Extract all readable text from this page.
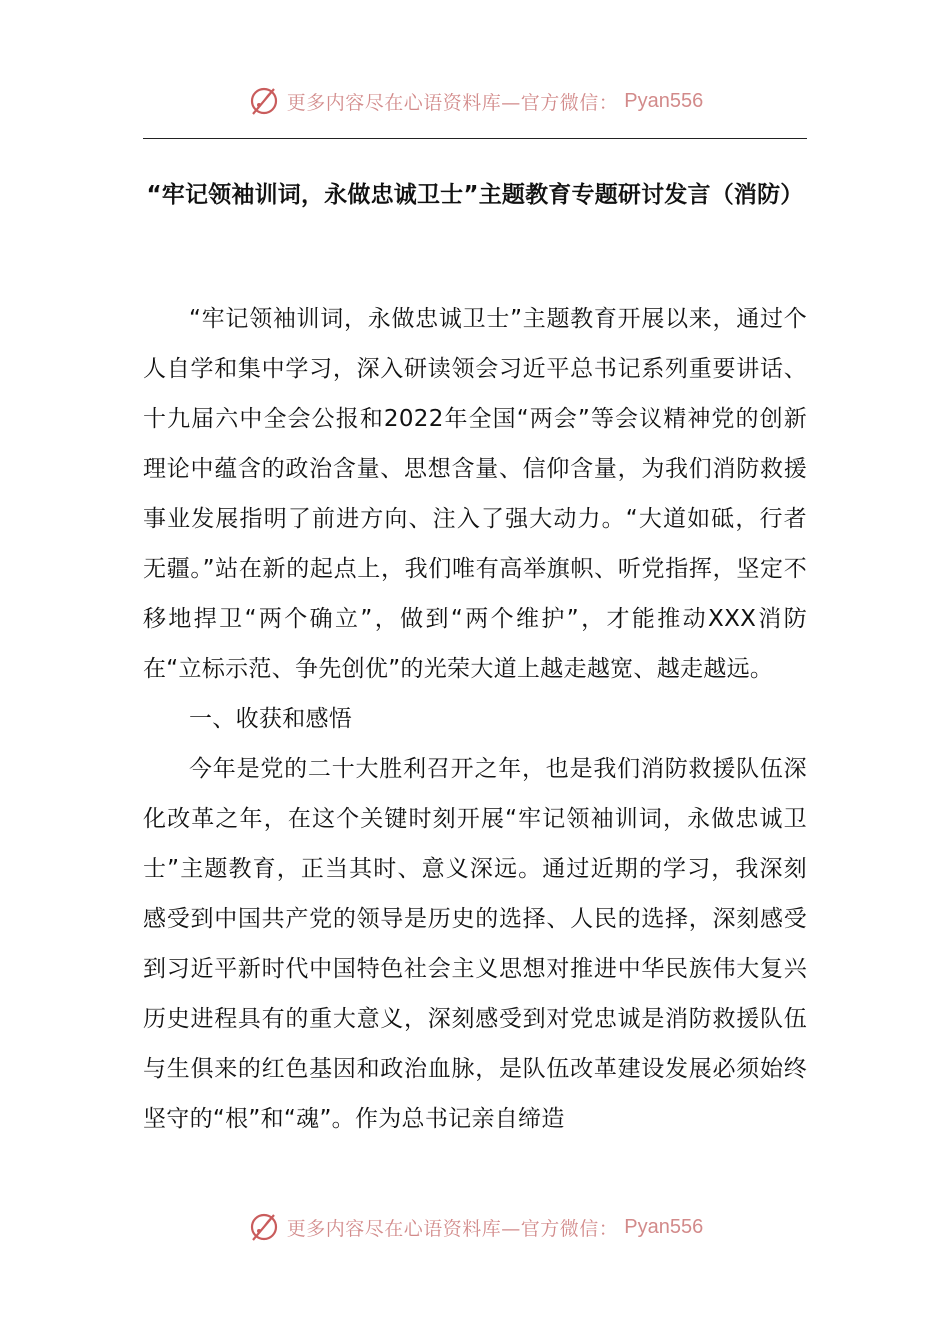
更多内容尽在心语资料库—官方微信： Pyan556
“牢记领袖训词，永做忠诚卫士”主题教育专题研讨发言（消防）

“牢记领袖训词，永做忠诚卫士”主题教育开展以来，通过个人自学和集中学习，深入研读领会习近平总书记系列重要讲话、十九届六中全会公报和2022年全国“两会”等会议精神党的创新理论中蕴含的政治含量、思想含量、信仰含量，为我们消防救援事业发展指明了前进方向、注入了强大动力。“大道如砥，行者无疆。”站在新的起点上，我们唯有高举旗帜、听党指挥，坚定不移地捍卫“两个确立”，做到“两个维护”，才能推动XXX消防在“立标示范、争先创优”的光荣大道上越走越宽、越走越远。

一、收获和感悟

今年是党的二十大胜利召开之年，也是我们消防救援队伍深化改革之年，在这个关键时刻开展“牢记领袖训词，永做忠诚卫士”主题教育，正当其时、意义深远。通过近期的学习，我深刻感受到中国共产党的领导是历史的选择、人民的选择，深刻感受到习近平新时代中国特色社会主义思想对推进中华民族伟大复兴历史进程具有的重大意义，深刻感受到对党忠诚是消防救援队伍与生俱来的红色基因和政治血脉，是队伍改革建设发展必须始终坚守的“根”和“魂”。作为总书记亲自缔造

更多内容尽在心语资料库—官方微信： Pyan556
